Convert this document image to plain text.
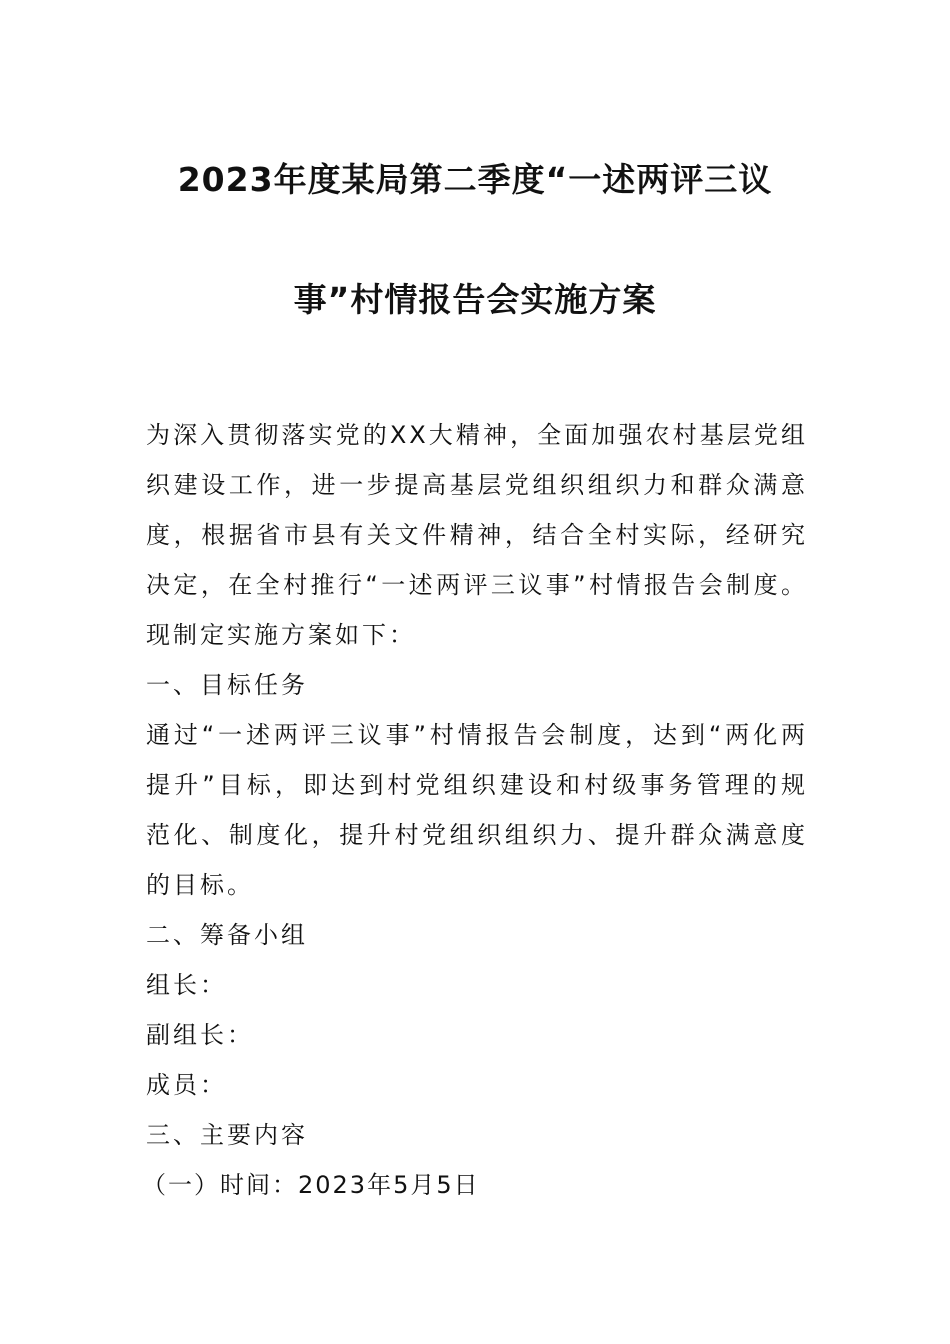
2023年度某局第二季度“一述两评三议
事”村情报告会实施方案

为深入贯彻落实党的XX大精神，全面加强农村基层党组织建设工作，进一步提高基层党组织组织力和群众满意度，根据省市县有关文件精神，结合全村实际，经研究决定，在全村推行“一述两评三议事”村情报告会制度。现制定实施方案如下：

一、目标任务

通过“一述两评三议事”村情报告会制度，达到“两化两提升”目标，即达到村党组织建设和村级事务管理的规范化、制度化，提升村党组织组织力、提升群众满意度的目标。

二、筹备小组

组长：

副组长：

成员：

三、主要内容

（一）时间：2023年5月5日
